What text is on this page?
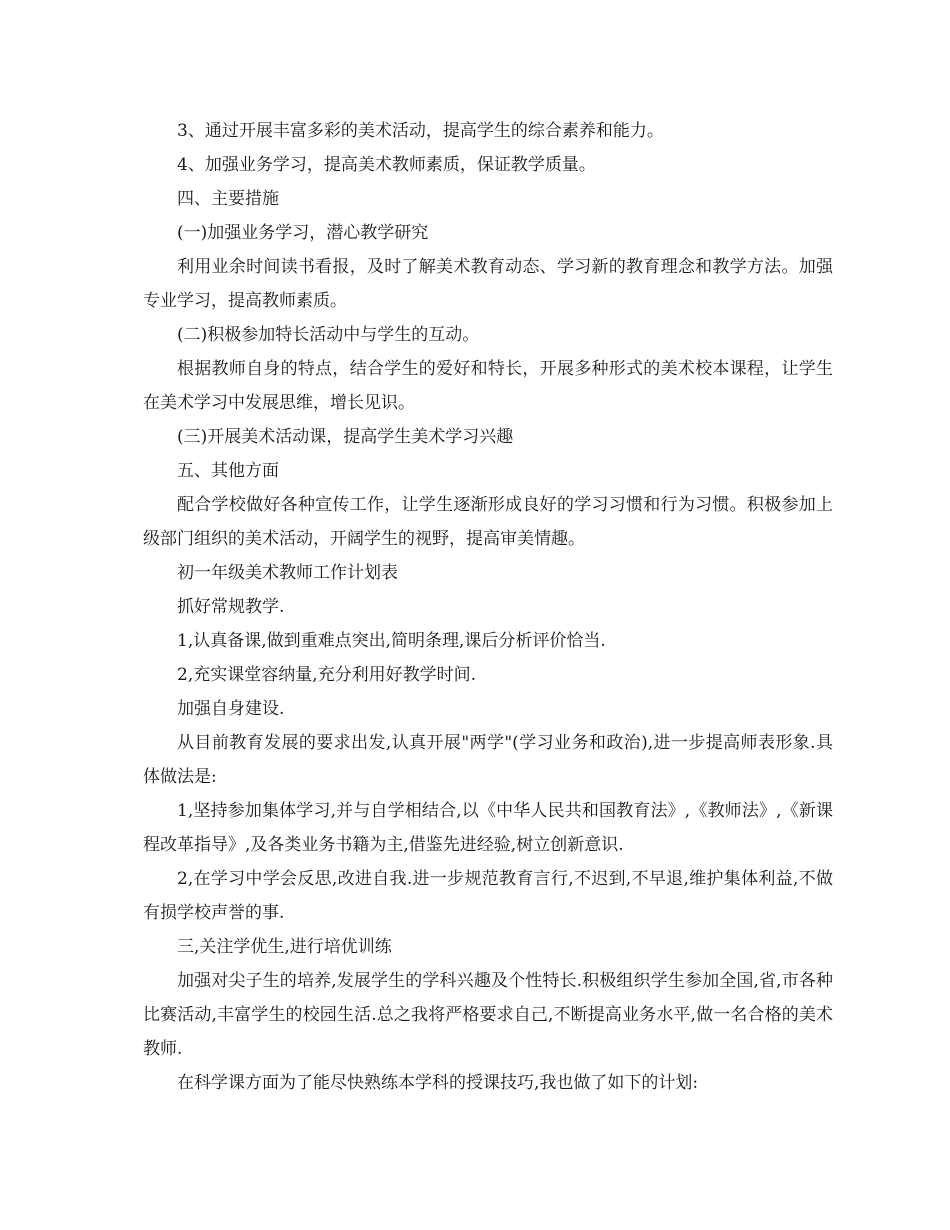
3、通过开展丰富多彩的美术活动，提高学生的综合素养和能力。

4、加强业务学习，提高美术教师素质，保证教学质量。

四、主要措施

(一)加强业务学习，潜心教学研究

利用业余时间读书看报，及时了解美术教育动态、学习新的教育理念和教学方法。加强专业学习，提高教师素质。

(二)积极参加特长活动中与学生的互动。

根据教师自身的特点，结合学生的爱好和特长，开展多种形式的美术校本课程，让学生在美术学习中发展思维，增长见识。

(三)开展美术活动课，提高学生美术学习兴趣

五、其他方面

配合学校做好各种宣传工作，让学生逐渐形成良好的学习习惯和行为习惯。积极参加上级部门组织的美术活动，开阔学生的视野，提高审美情趣。

初一年级美术教师工作计划表

抓好常规教学.

1,认真备课,做到重难点突出,简明条理,课后分析评价恰当.

2,充实课堂容纳量,充分利用好教学时间.

加强自身建设.

从目前教育发展的要求出发,认真开展"两学"(学习业务和政治),进一步提高师表形象.具体做法是:

1,坚持参加集体学习,并与自学相结合,以《中华人民共和国教育法》,《教师法》,《新课程改革指导》,及各类业务书籍为主,借鉴先进经验,树立创新意识.

2,在学习中学会反思,改进自我.进一步规范教育言行,不迟到,不早退,维护集体利益,不做有损学校声誉的事.

三,关注学优生,进行培优训练

加强对尖子生的培养,发展学生的学科兴趣及个性特长.积极组织学生参加全国,省,市各种比赛活动,丰富学生的校园生活.总之我将严格要求自己,不断提高业务水平,做一名合格的美术教师.

在科学课方面为了能尽快熟练本学科的授课技巧,我也做了如下的计划:
